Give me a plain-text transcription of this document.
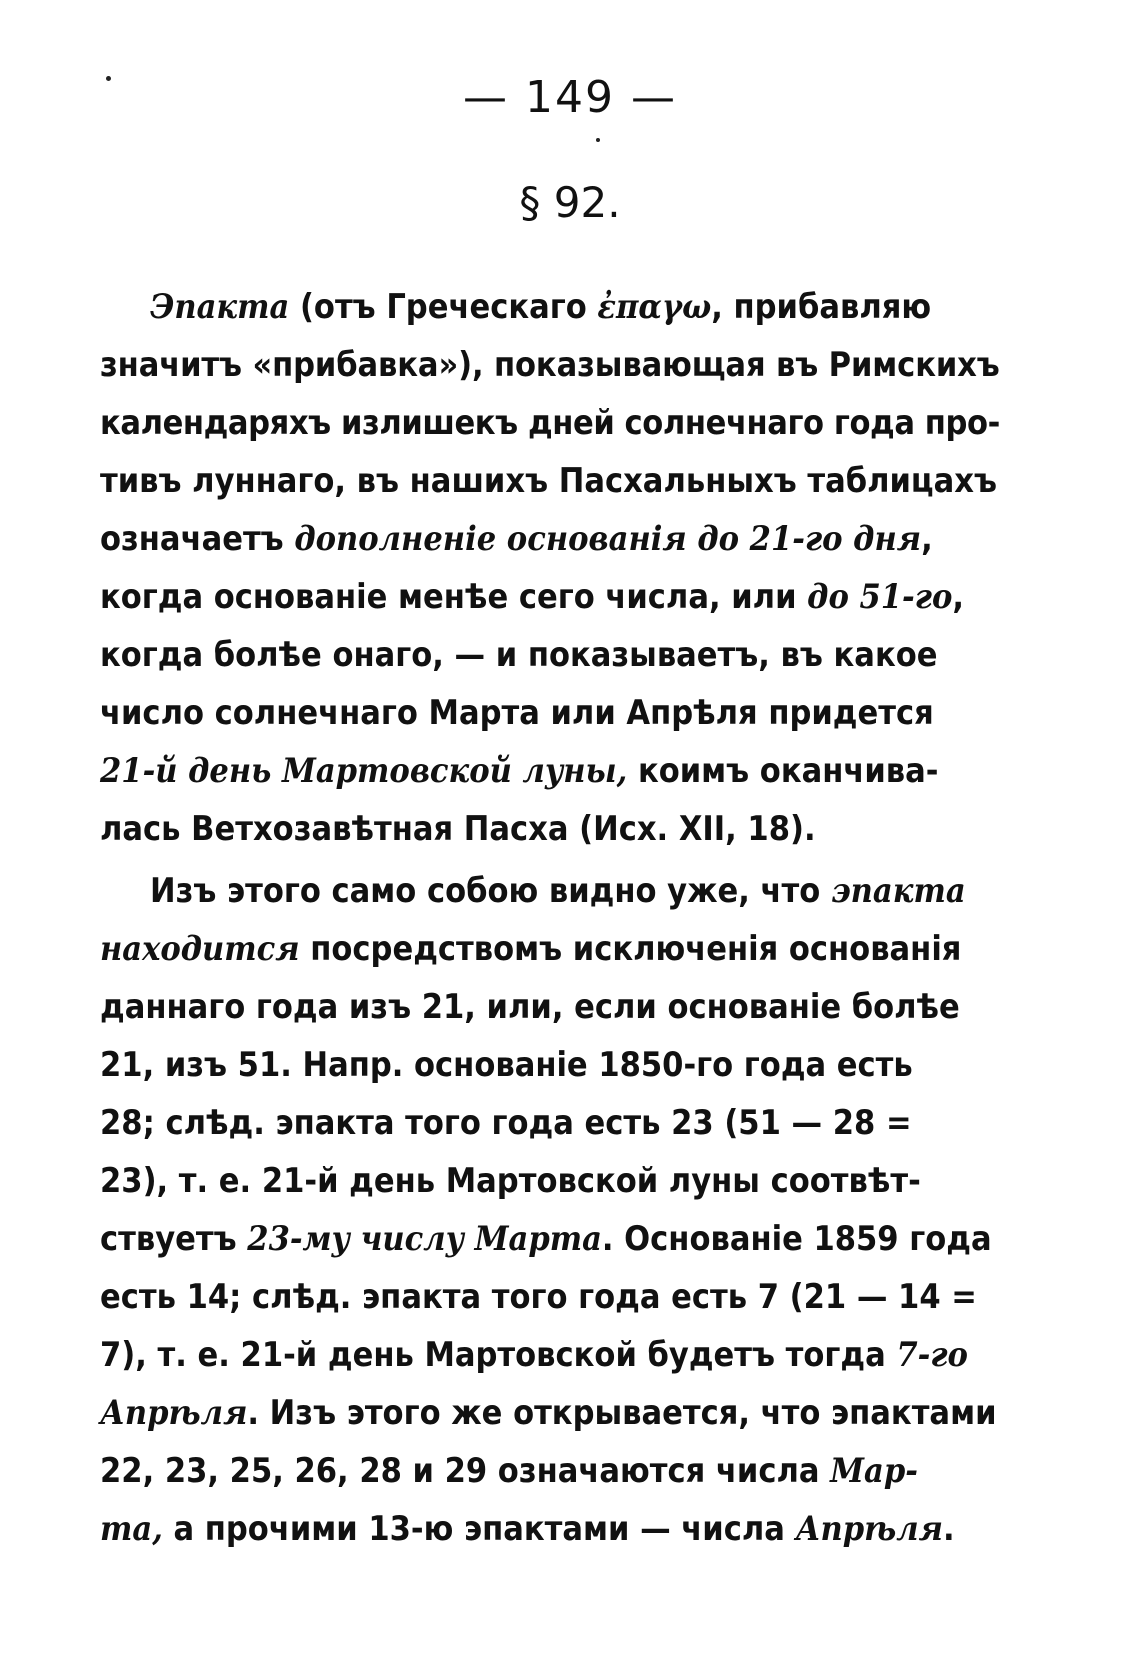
— 149 —
§ 92.
Эпакта (отъ Греческаго ἐπαγω, прибавляю
значитъ «прибавка»), показывающая въ Римскихъ
календаряхъ излишекъ дней солнечнаго года про-
тивъ луннаго, въ нашихъ Пасхальныхъ таблицахъ
означаетъ дополненіе основанія до 21-го дня,
когда основаніе менѣе сего числа, или до 51-го,
когда болѣе онаго, — и показываетъ, въ какое
число солнечнаго Марта или Апрѣля придется
21-й день Мартовской луны, коимъ оканчива-
лась Ветхозавѣтная Пасха (Исх. XII, 18).
Изъ этого само собою видно уже, что эпакта
находится посредствомъ исключенія основанія
даннаго года изъ 21, или, если основаніе болѣе
21, изъ 51. Напр. основаніе 1850-го года есть
28; слѣд. эпакта того года есть 23 (51 — 28 =
23), т. е. 21-й день Мартовской луны соотвѣт-
ствуетъ 23-му числу Марта. Основаніе 1859 года
есть 14; слѣд. эпакта того года есть 7 (21 — 14 =
7), т. е. 21-й день Мартовской будетъ тогда 7-го
Апрѣля. Изъ этого же открывается, что эпактами
22, 23, 25, 26, 28 и 29 означаются числа Мар-
та, а прочими 13-ю эпактами — числа Апрѣля.
